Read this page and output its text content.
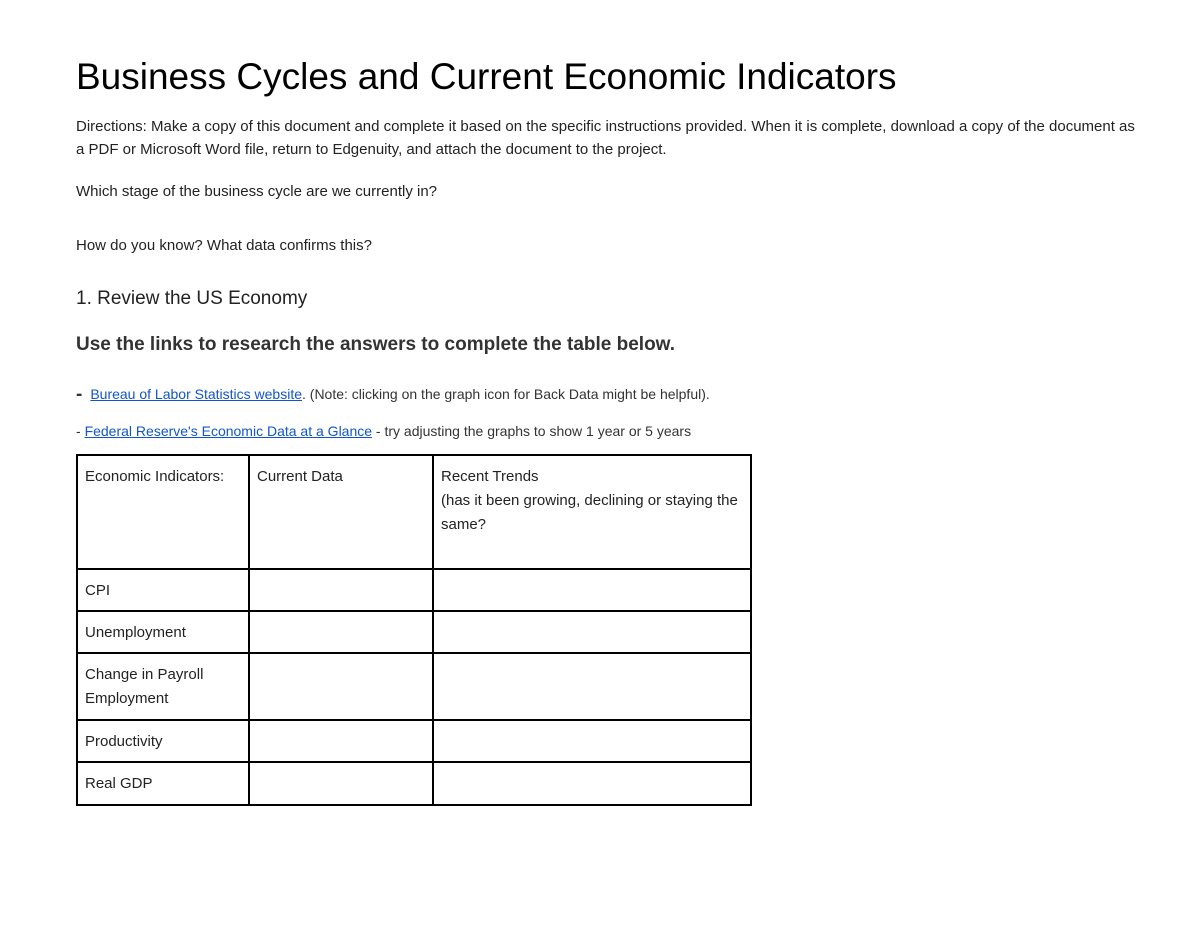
Business Cycles and Current Economic Indicators
Directions: Make a copy of this document and complete it based on the specific instructions provided. When it is complete, download a copy of the document as a PDF or Microsoft Word file, return to Edgenuity, and attach the document to the project.
Which stage of the business cycle are we currently in?
How do you know? What data confirms this?
1. Review the US Economy
Use the links to research the answers to complete the table below.
- Bureau of Labor Statistics website. (Note: clicking on the graph icon for Back Data might be helpful).
- Federal Reserve's Economic Data at a Glance - try adjusting the graphs to show 1 year or 5 years
Economic Indicators:	Current Data	Recent Trends
(has it been growing, declining or staying the same?

CPI		
Unemployment		
Change in Payroll Employment		
Productivity		
Real GDP		
